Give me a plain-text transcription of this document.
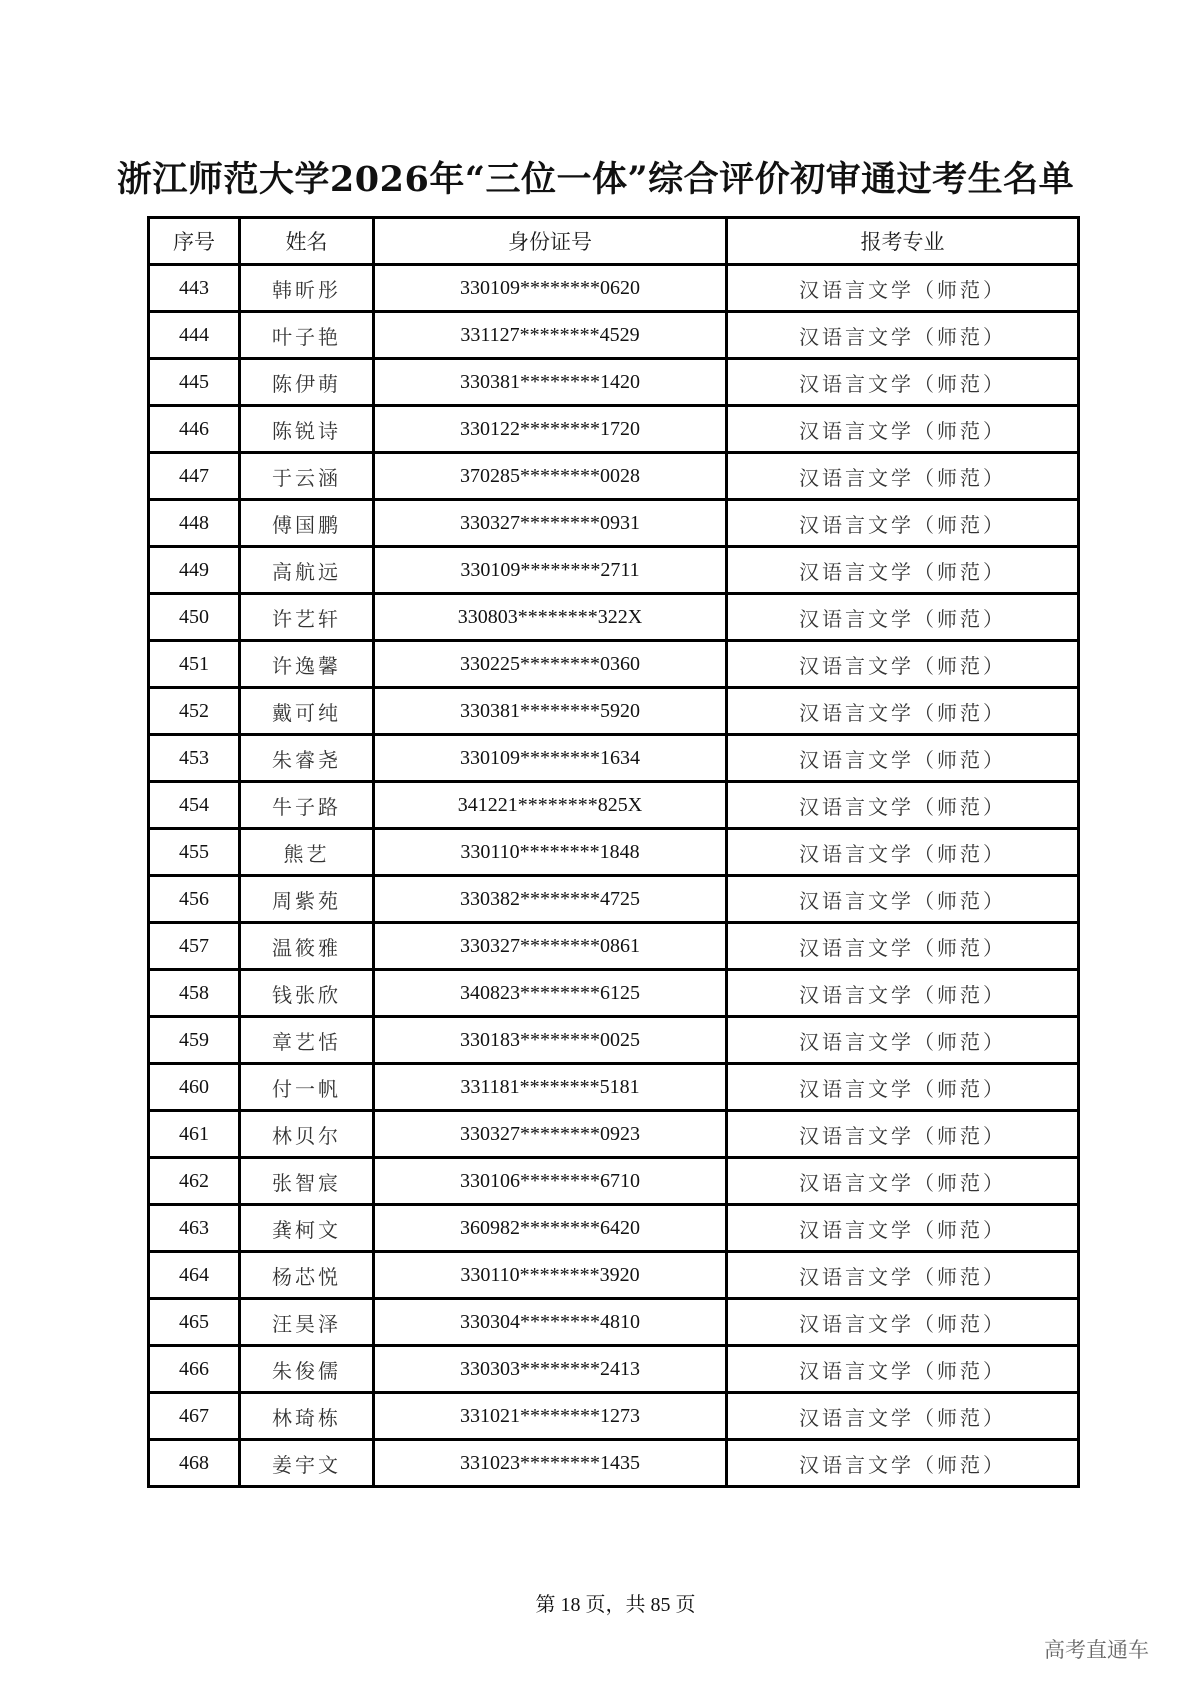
浙江师范大学2026年“三位一体”综合评价初审通过考生名单
序号	姓名	身份证号	报考专业
443	韩昕彤	330109********0620	汉语言文学（师范）
444	叶子艳	331127********4529	汉语言文学（师范）
445	陈伊萌	330381********1420	汉语言文学（师范）
446	陈锐诗	330122********1720	汉语言文学（师范）
447	于云涵	370285********0028	汉语言文学（师范）
448	傅国鹏	330327********0931	汉语言文学（师范）
449	高航远	330109********2711	汉语言文学（师范）
450	许艺轩	330803********322X	汉语言文学（师范）
451	许逸馨	330225********0360	汉语言文学（师范）
452	戴可纯	330381********5920	汉语言文学（师范）
453	朱睿尧	330109********1634	汉语言文学（师范）
454	牛子路	341221********825X	汉语言文学（师范）
455	熊艺	330110********1848	汉语言文学（师范）
456	周紫苑	330382********4725	汉语言文学（师范）
457	温筱雅	330327********0861	汉语言文学（师范）
458	钱张欣	340823********6125	汉语言文学（师范）
459	章艺恬	330183********0025	汉语言文学（师范）
460	付一帆	331181********5181	汉语言文学（师范）
461	林贝尔	330327********0923	汉语言文学（师范）
462	张智宸	330106********6710	汉语言文学（师范）
463	龚柯文	360982********6420	汉语言文学（师范）
464	杨芯悦	330110********3920	汉语言文学（师范）
465	汪昊泽	330304********4810	汉语言文学（师范）
466	朱俊儒	330303********2413	汉语言文学（师范）
467	林琦栋	331021********1273	汉语言文学（师范）
468	姜宇文	331023********1435	汉语言文学（师范）
第 18 页，共 85 页
高考直通车
